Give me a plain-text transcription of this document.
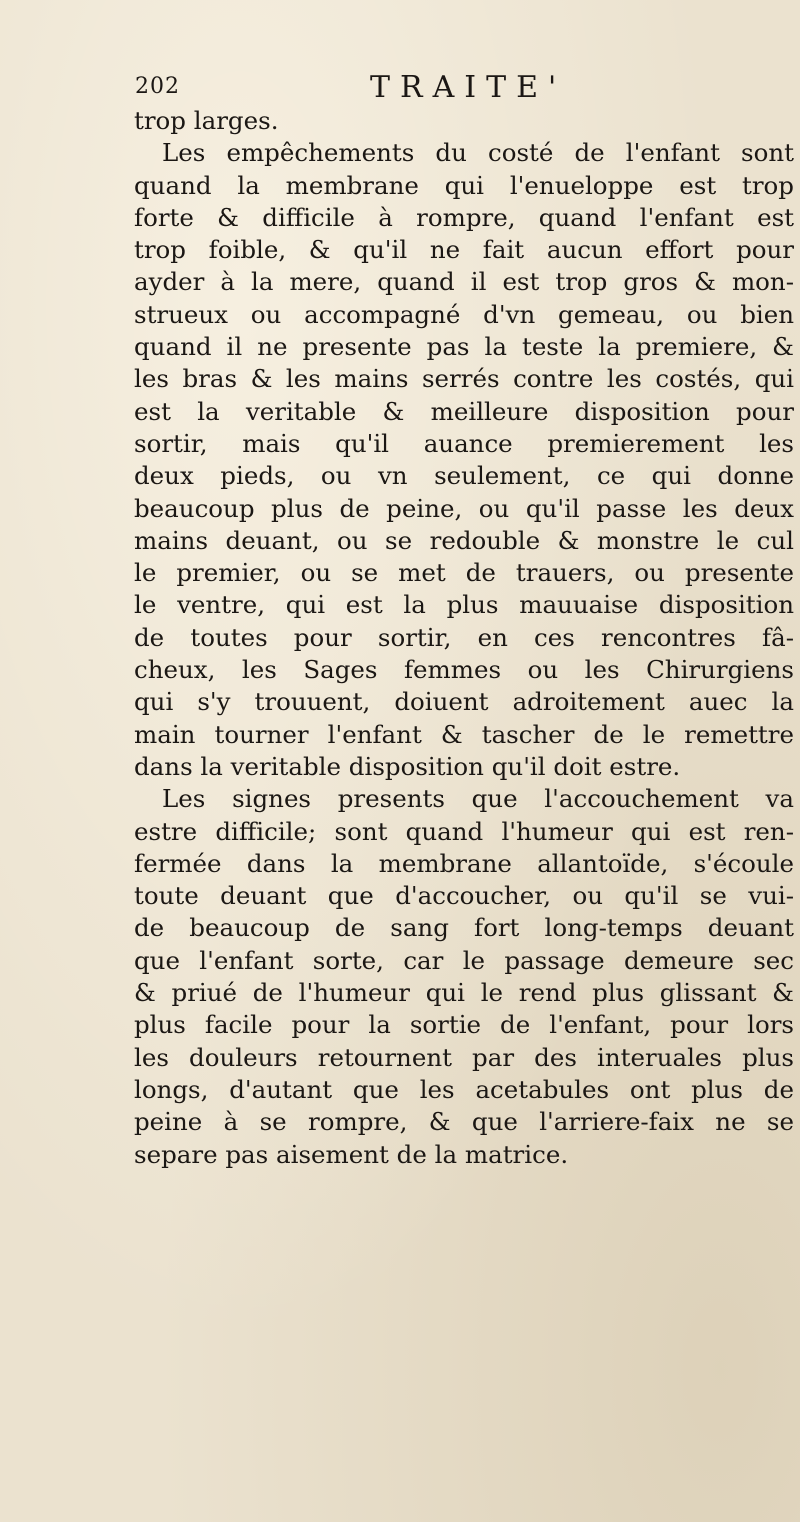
202	TRAITE'
trop larges.
Les empêchements du costé de l'enfant sont
quand la membrane qui l'enueloppe est trop
forte & difficile à rompre, quand l'enfant est
trop foible, & qu'il ne fait aucun effort pour
ayder à la mere, quand il est trop gros & mon-
strueux ou accompagné d'vn gemeau, ou bien
quand il ne presente pas la teste la premiere, &
les bras & les mains serrés contre les costés, qui
est la veritable & meilleure disposition pour
sortir, mais qu'il auance premierement les
deux pieds, ou vn seulement, ce qui donne
beaucoup plus de peine, ou qu'il passe les deux
mains deuant, ou se redouble & monstre le cul
le premier, ou se met de trauers, ou presente
le ventre, qui est la plus mauuaise disposition
de toutes pour sortir, en ces rencontres fâ-
cheux, les Sages femmes ou les Chirurgiens
qui s'y trouuent, doiuent adroitement auec la
main tourner l'enfant & tascher de le remettre
dans la veritable disposition qu'il doit estre.
Les signes presents que l'accouchement va
estre difficile; sont quand l'humeur qui est ren-
fermée dans la membrane allantoïde, s'écoule
toute deuant que d'accoucher, ou qu'il se vui-
de beaucoup de sang fort long-temps deuant
que l'enfant sorte, car le passage demeure sec
& priué de l'humeur qui le rend plus glissant &
plus facile pour la sortie de l'enfant, pour lors
les douleurs retournent par des interuales plus
longs, d'autant que les acetabules ont plus de
peine à se rompre, & que l'arriere-faix ne se
separe pas aisement de la matrice.
